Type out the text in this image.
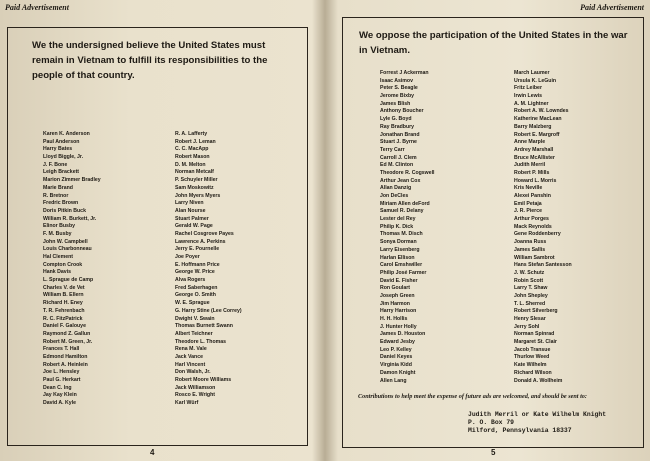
Paid Advertisement
We the undersigned believe the United States must remain in Vietnam to fulfill its responsibilities to the people of that country.
Karen K. Anderson
Paul Anderson
Harry Bates
Lloyd Biggle, Jr.
J. F. Bone
Leigh Brackett
Marion Zimmer Bradley
Marie Brand
R. Bretnor
Fredric Brown
Doris Pitkin Buck
William R. Burkett, Jr.
Elinor Busby
F. M. Busby
John W. Campbell
Louis Charbonneau
Hal Clement
Compton Crook
Hank Davis
L. Sprague de Camp
Charles V. de Vet
William B. Ellern
Richard H. Eney
T. R. Fehrenbach
R. C. FitzPatrick
Daniel F. Galouye
Raymond Z. Gallun
Robert M. Green, Jr.
Frances T. Hall
Edmond Hamilton
Robert A. Heinlein
Joe L. Hensley
Paul G. Herkart
Dean C. Ing
Jay Kay Klein
David A. Kyle
R. A. Lafferty
Robert J. Leman
C. C. MacApp
Robert Mason
D. M. Melton
Norman Metcalf
P. Schuyler Miller
Sam Moskowitz
John Myers Myers
Larry Niven
Alan Nourse
Stuart Palmer
Gerald W. Page
Rachel Cosgrove Payes
Lawrence A. Perkins
Jerry E. Pournelle
Joe Poyer
E. Hoffmann Price
George W. Price
Alva Rogers
Fred Saberhagen
George O. Smith
W. E. Sprague
G. Harry Stine (Lee Correy)
Dwight V. Swain
Thomas Burnett Swann
Albert Teichner
Theodore L. Thomas
Rena M. Vale
Jack Vance
Harl Vincent
Don Walsh, Jr.
Robert Moore Williams
Jack Williamson
Rosco E. Wright
Karl Würf
4
Paid Advertisement
We oppose the participation of the United States in the war in Vietnam.
Forrest J Ackerman
Isaac Asimov
Peter S. Beagle
Jerome Bixby
James Blish
Anthony Boucher
Lyle G. Boyd
Ray Bradbury
Jonathan Brand
Stuart J. Byrne
Terry Carr
Carroll J. Clem
Ed M. Clinton
Theodore R. Cogswell
Arthur Jean Cox
Allan Danzig
Jon DeCles
Miriam Allen deFord
Samuel R. Delany
Lester del Rey
Philip K. Dick
Thomas M. Disch
Sonya Dorman
Larry Eisenberg
Harlan Ellison
Carol Emshwiller
Philip José Farmer
David E. Fisher
Ron Goulart
Joseph Green
Jim Harmon
Harry Harrison
H. H. Hollis
J. Hunter Holly
James D. Houston
Edward Jesby
Leo P. Kelley
Daniel Keyes
Virginia Kidd
Damon Knight
Allen Lang
March Laumer
Ursula K. LeGuin
Fritz Leiber
Irwin Lewis
A. M. Lightner
Robert A. W. Lowndes
Katherine MacLean
Barry Malzberg
Robert E. Margroff
Anne Marple
Ardrey Marshall
Bruce McAllister
Judith Merril
Robert P. Mills
Howard L. Morris
Kris Neville
Alexei Panshin
Emil Petaja
J. R. Pierce
Arthur Porges
Mack Reynolds
Gene Roddenberry
Joanna Russ
James Sallis
William Sambrot
Hans Stefan Santesson
J. W. Schutz
Robin Scott
Larry T. Shaw
John Shepley
T. L. Sherred
Robert Silverberg
Henry Slesar
Jerry Sohl
Norman Spinrad
Margaret St. Clair
Jacob Transue
Thurlow Weed
Kate Wilhelm
Richard Wilson
Donald A. Wollheim
Contributions to help meet the expense of future ads are welcomed, and should be sent to:
Judith Merril or Kate Wilhelm Knight
P. O. Box 79
Milford, Pennsylvania 18337
5
